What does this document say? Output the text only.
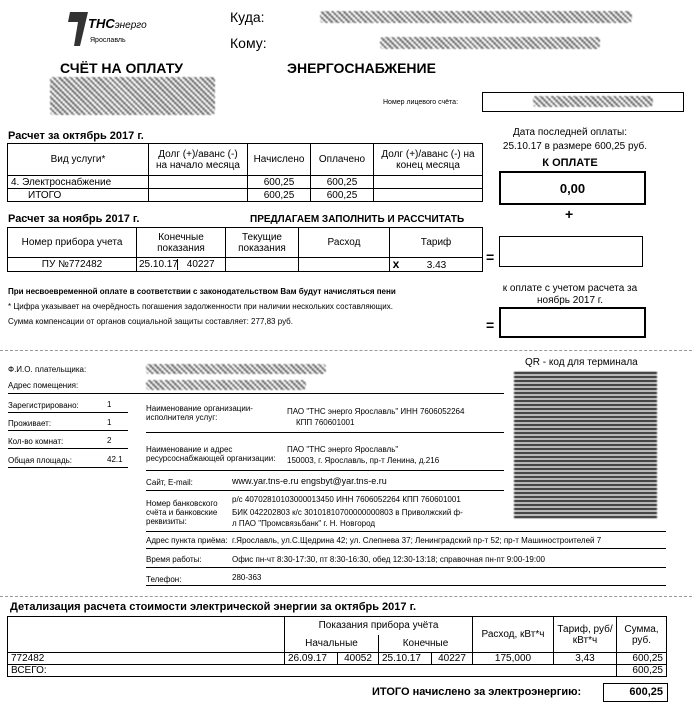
ТНСэнерго
Ярославль
Куда:
Кому:
СЧЁТ НА ОПЛАТУ	ЭНЕРГОСНАБЖЕНИЕ
Номер лицевого счёта:
Расчет за октябрь 2017 г.
Вид услуги*	Долг (+)/аванс (-) на начало месяца	Начислено	Оплачено	Долг (+)/аванс (-) на конец месяца
4. Электроснабжение		600,25	600,25	
ИТОГО		600,25	600,25	
Дата последней оплаты:
25.10.17 в размере 600,25 руб.
К ОПЛАТЕ
0,00
+
Расчет за ноябрь 2017 г.	ПРЕДЛАГАЕМ ЗАПОЛНИТЬ И РАССЧИТАТЬ
Номер прибора учета	Конечные показания	Текущие показания	Расход	Тариф
ПУ №772482	25.10.17 40227			x 3.43	=
к оплате с учетом расчета за ноябрь 2017 г.
=
При несвоевременной оплате в соответствии с законодательством Вам будут начисляться пени
* Цифра указывает на очерёдность погашения задолженности при наличии нескольких составляющих.
Сумма компенсации от органов социальной защиты составляет: 277,83 руб.
QR - код для терминала
Ф.И.О. плательщика:
Адрес помещения:
Зарегистрировано:	1
Проживает:	1
Кол-во комнат:	2
Общая площадь:	42.1
Наименование организации-исполнителя услуг:
ПАО "ТНС энерго Ярославль" ИНН 7606052264
КПП 760601001
Наименование и адрес ресурсоснабжающей организации:
ПАО "ТНС энерго Ярославль"
150003, г. Ярославль, пр-т Ленина, д.216
Сайт, E-mail:	www.yar.tns-e.ru engsbyt@yar.tns-e.ru
Номер банковского счёта и банковские реквизиты:
р/с 40702810103000013450 ИНН 7606052264 КПП 760601001
БИК 042202803 к/с 30101810700000000803 в Приволжский ф-
л ПАО "Промсвязьбанк" г. Н. Новгород
Адрес пункта приёма: г.Ярославль, ул.С.Щедрина 42; ул. Слепнева 37; Ленинградский пр-т 52; пр-т Машиностроителей 7
Время работы:	Офис пн-чт 8:30-17:30, пт 8:30-16:30, обед 12:30-13:18; справочная пн-пт 9:00-19:00
Телефон:	280-363
Детализация расчета стоимости электрической энергии за октябрь 2017 г.
	Показания прибора учёта				Расход, кВт*ч	Тариф, руб/кВт*ч	Сумма, руб.
	Начальные		Конечные				
772482	26.09.17	40052	25.10.17	40227	175,000	3,43	600,25
ВСЕГО:							600,25
ИТОГО начислено за электроэнергию:	600,25
